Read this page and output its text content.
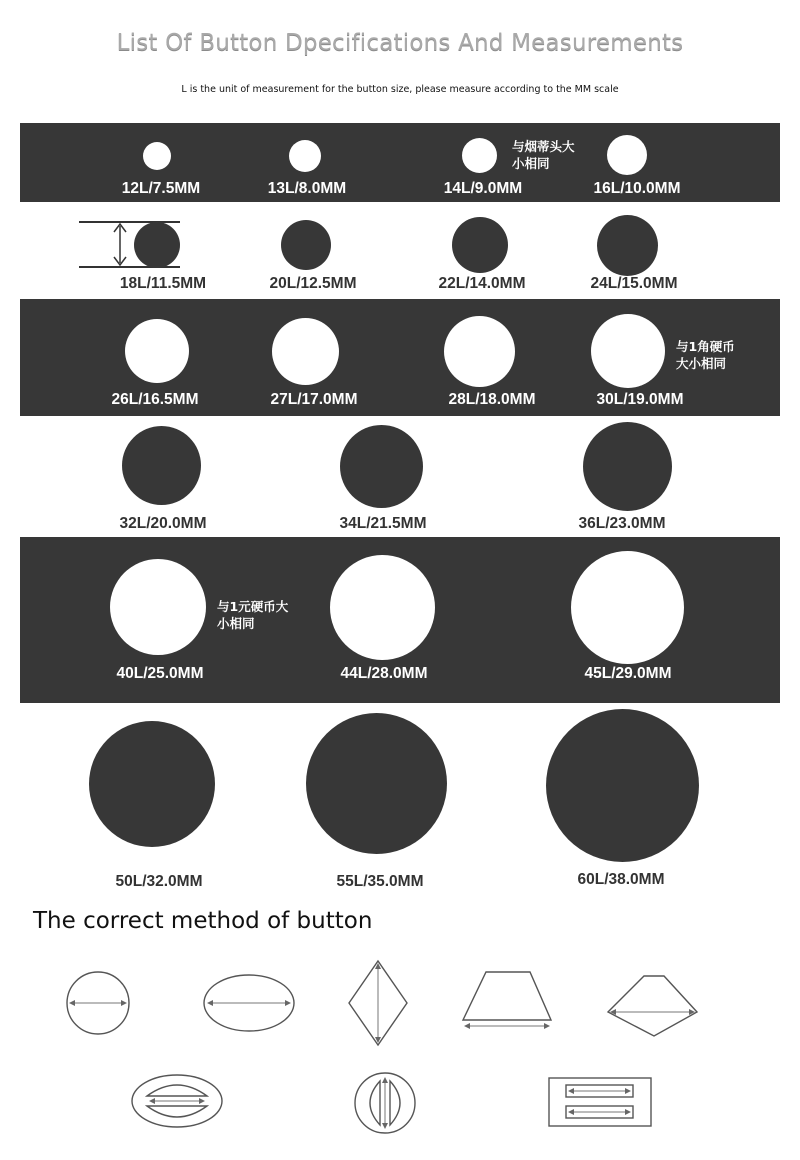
List Of Button Dpecifications And Measurements
L is the unit of measurement for the button size, please measure according to the MM scale
12L/7.5MM	13L/8.0MM	14L/9.0MM	16L/10.0MM
与烟蒂头大
小相同
18L/11.5MM	20L/12.5MM	22L/14.0MM	24L/15.0MM
26L/16.5MM	27L/17.0MM	28L/18.0MM	30L/19.0MM
与1角硬币
大小相同
32L/20.0MM	34L/21.5MM	36L/23.0MM
40L/25.0MM	44L/28.0MM	45L/29.0MM
与1元硬币大
小相同
50L/32.0MM	55L/35.0MM	60L/38.0MM
The correct method of button
